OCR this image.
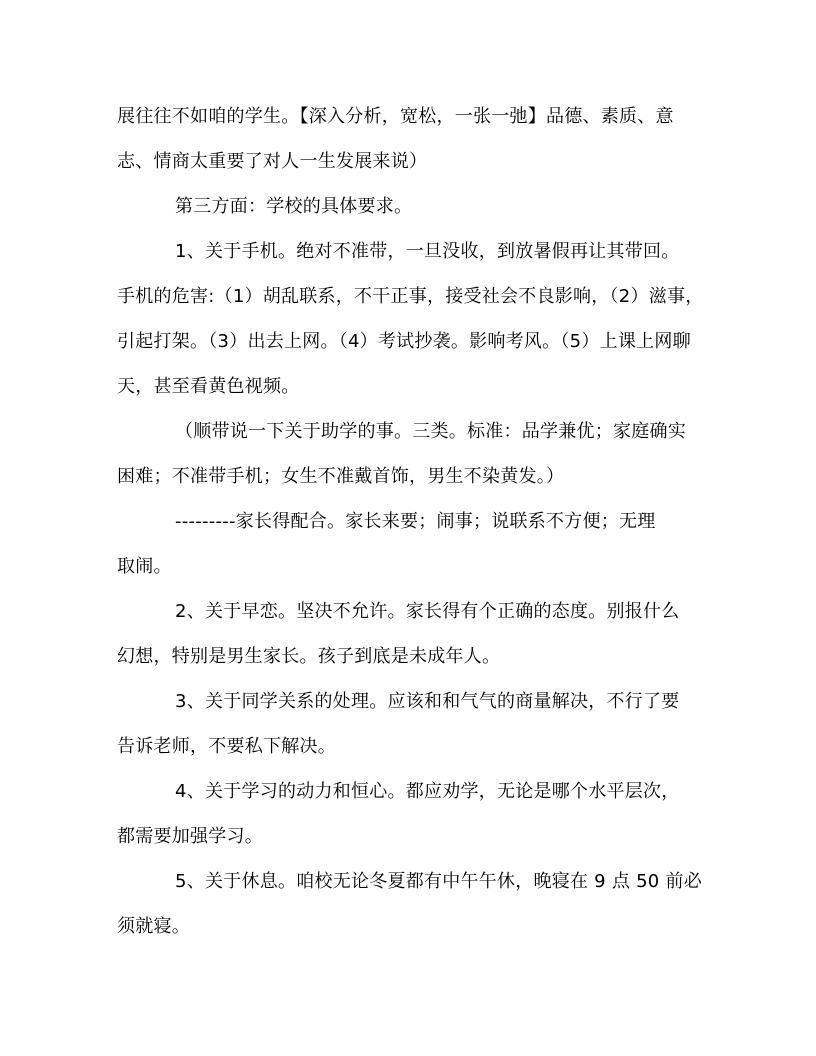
展往往不如咱的学生。【深入分析，宽松，一张一弛】品德、素质、意
志、情商太重要了对人一生发展来说）

第三方面：学校的具体要求。

1、关于手机。绝对不准带，一旦没收，到放暑假再让其带回。
手机的危害:（1）胡乱联系，不干正事，接受社会不良影响，（2）滋事，
引起打架。（3）出去上网。（4）考试抄袭。影响考风。（5）上课上网聊
天，甚至看黄色视频。

（顺带说一下关于助学的事。三类。标准：品学兼优；家庭确实
困难；不准带手机；女生不准戴首饰，男生不染黄发。）

---------家长得配合。家长来要；闹事；说联系不方便；无理
取闹。

2、关于早恋。坚决不允许。家长得有个正确的态度。别报什么
幻想，特别是男生家长。孩子到底是未成年人。

3、关于同学关系的处理。应该和和气气的商量解决，不行了要
告诉老师，不要私下解决。

4、关于学习的动力和恒心。都应劝学，无论是哪个水平层次，
都需要加强学习。

5、关于休息。咱校无论冬夏都有中午午休，晚寝在 9 点 50 前必
须就寝。
